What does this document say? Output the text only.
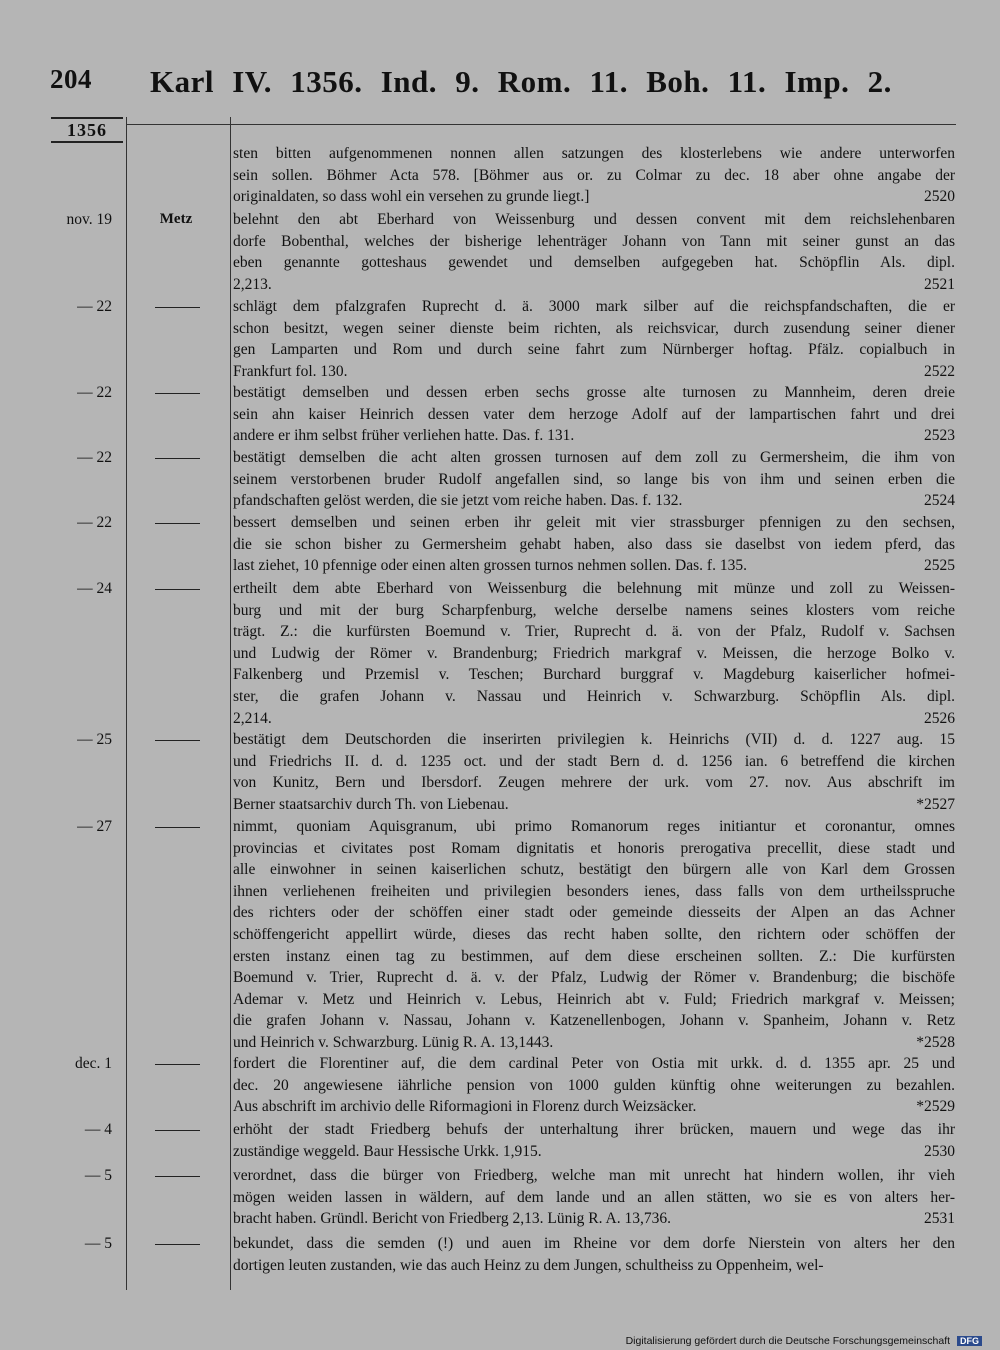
204 Karl IV. 1356. Ind. 9. Rom. 11. Boh. 11. Imp. 2.
1356
sten bitten aufgenommenen nonnen allen satzungen des klosterlebens wie andere unterworfen
sein sollen. Böhmer Acta 578. [Böhmer aus or. zu Colmar zu dec. 18 aber ohne angabe der
originaldaten, so dass wohl ein versehen zu grunde liegt.]	2520
nov. 19	Metz	belehnt den abt Eberhard von Weissenburg und dessen convent mit dem reichslehenbaren
dorfe Bobenthal, welches der bisherige lehenträger Johann von Tann mit seiner gunst an das
eben genannte gotteshaus gewendet und demselben aufgegeben hat. Schöpflin Als. dipl.
2,213.	2521
— 22	schlägt dem pfalzgrafen Ruprecht d. ä. 3000 mark silber auf die reichspfandschaften, die er
schon besitzt, wegen seiner dienste beim richten, als reichsvicar, durch zusendung seiner diener
gen Lamparten und Rom und durch seine fahrt zum Nürnberger hoftag. Pfälz. copialbuch in
Frankfurt fol. 130.	2522
— 22	bestätigt demselben und dessen erben sechs grosse alte turnosen zu Mannheim, deren dreie
sein ahn kaiser Heinrich dessen vater dem herzoge Adolf auf der lampartischen fahrt und drei
andere er ihm selbst früher verliehen hatte. Das. f. 131.	2523
— 22	bestätigt demselben die acht alten grossen turnosen auf dem zoll zu Germersheim, die ihm von
seinem verstorbenen bruder Rudolf angefallen sind, so lange bis von ihm und seinen erben die
pfandschaften gelöst werden, die sie jetzt vom reiche haben. Das. f. 132.	2524
— 22	bessert demselben und seinen erben ihr geleit mit vier strassburger pfennigen zu den sechsen,
die sie schon bisher zu Germersheim gehabt haben, also dass sie daselbst von iedem pferd, das
last ziehet, 10 pfennige oder einen alten grossen turnos nehmen sollen. Das. f. 135.	2525
— 24	ertheilt dem abte Eberhard von Weissenburg die belehnung mit münze und zoll zu Weissen-
burg und mit der burg Scharpfenburg, welche derselbe namens seines klosters vom reiche
trägt. Z.: die kurfürsten Boemund v. Trier, Ruprecht d. ä. von der Pfalz, Rudolf v. Sachsen
und Ludwig der Römer v. Brandenburg; Friedrich markgraf v. Meissen, die herzoge Bolko v.
Falkenberg und Przemisl v. Teschen; Burchard burggraf v. Magdeburg kaiserlicher hofmei-
ster, die grafen Johann v. Nassau und Heinrich v. Schwarzburg. Schöpflin Als. dipl.
2,214.	2526
— 25	bestätigt dem Deutschorden die inserirten privilegien k. Heinrichs (VII) d. d. 1227 aug. 15
und Friedrichs II. d. d. 1235 oct. und der stadt Bern d. d. 1256 ian. 6 betreffend die kirchen
von Kunitz, Bern und Ibersdorf. Zeugen mehrere der urk. vom 27. nov. Aus abschrift im
Berner staatsarchiv durch Th. von Liebenau.	*2527
— 27	nimmt, quoniam Aquisgranum, ubi primo Romanorum reges initiantur et coronantur, omnes
provincias et civitates post Romam dignitatis et honoris prerogativa precellit, diese stadt und
alle einwohner in seinen kaiserlichen schutz, bestätigt den bürgern alle von Karl dem Grossen
ihnen verliehenen freiheiten und privilegien besonders ienes, dass falls von dem urtheilsspruche
des richters oder der schöffen einer stadt oder gemeinde diesseits der Alpen an das Achner
schöffengericht appellirt würde, dieses das recht haben sollte, den richtern oder schöffen der
ersten instanz einen tag zu bestimmen, auf dem diese erscheinen sollten. Z.: Die kurfürsten
Boemund v. Trier, Ruprecht d. ä. v. der Pfalz, Ludwig der Römer v. Brandenburg; die bischöfe
Ademar v. Metz und Heinrich v. Lebus, Heinrich abt v. Fuld; Friedrich markgraf v. Meissen;
die grafen Johann v. Nassau, Johann v. Katzenellenbogen, Johann v. Spanheim, Johann v. Retz
und Heinrich v. Schwarzburg. Lünig R. A. 13,1443.	*2528
dec. 1	fordert die Florentiner auf, die dem cardinal Peter von Ostia mit urkk. d. d. 1355 apr. 25 und
dec. 20 angewiesene iährliche pension von 1000 gulden künftig ohne weiterungen zu bezahlen.
Aus abschrift im archivio delle Riformagioni in Florenz durch Weizsäcker.	*2529
— 4	erhöht der stadt Friedberg behufs der unterhaltung ihrer brücken, mauern und wege das ihr
zuständige weggeld. Baur Hessische Urkk. 1,915.	2530
— 5	verordnet, dass die bürger von Friedberg, welche man mit unrecht hat hindern wollen, ihr vieh
mögen weiden lassen in wäldern, auf dem lande und an allen stätten, wo sie es von alters her-
bracht haben. Gründl. Bericht von Friedberg 2,13. Lünig R. A. 13,736.	2531
— 5	bekundet, dass die semden (!) und auen im Rheine vor dem dorfe Nierstein von alters her den
dortigen leuten zustanden, wie das auch Heinz zu dem Jungen, schultheiss zu Oppenheim, wel-
Digitalisierung gefördert durch die Deutsche Forschungsgemeinschaft DFG
